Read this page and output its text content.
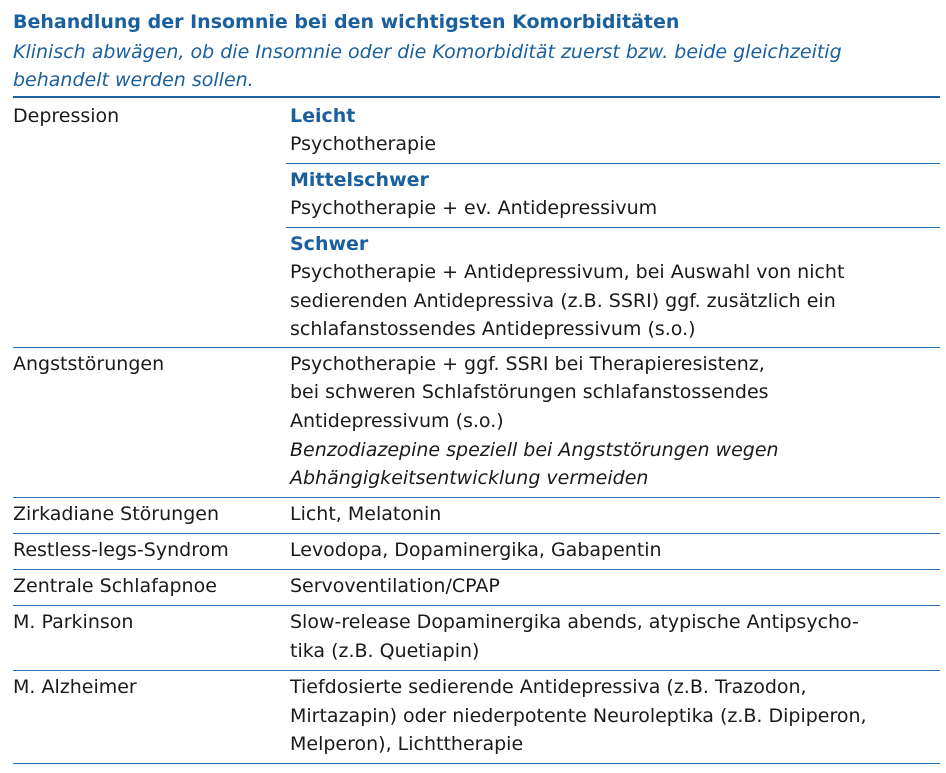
Behandlung der Insomnie bei den wichtigsten Komorbiditäten
Klinisch abwägen, ob die Insomnie oder die Komorbidität zuerst bzw. beide gleichzeitig behandelt werden sollen.
Depression	Leicht
Psychotherapie
Mittelschwer
Psychotherapie + ev. Antidepressivum
Schwer
Psychotherapie + Antidepressivum, bei Auswahl von nicht
sedierenden Antidepressiva (z.B. SSRI) ggf. zusätzlich ein
schlafanstossendes Antidepressivum (s.o.)
Angststörungen	Psychotherapie + ggf. SSRI bei Therapieresistenz,
bei schweren Schlafstörungen schlafanstossendes
Antidepressivum (s.o.)
Benzodiazepine speziell bei Angststörungen wegen
Abhängigkeitsentwicklung vermeiden
Zirkadiane Störungen	Licht, Melatonin
Restless-legs-Syndrom	Levodopa, Dopaminergika, Gabapentin
Zentrale Schlafapnoe	Servoventilation/CPAP
M. Parkinson	Slow-release Dopaminergika abends, atypische Antipsycho-
tika (z.B. Quetiapin)
M. Alzheimer	Tiefdosierte sedierende Antidepressiva (z.B. Trazodon,
Mirtazapin) oder niederpotente Neuroleptika (z.B. Dipiperon,
Melperon), Lichttherapie
